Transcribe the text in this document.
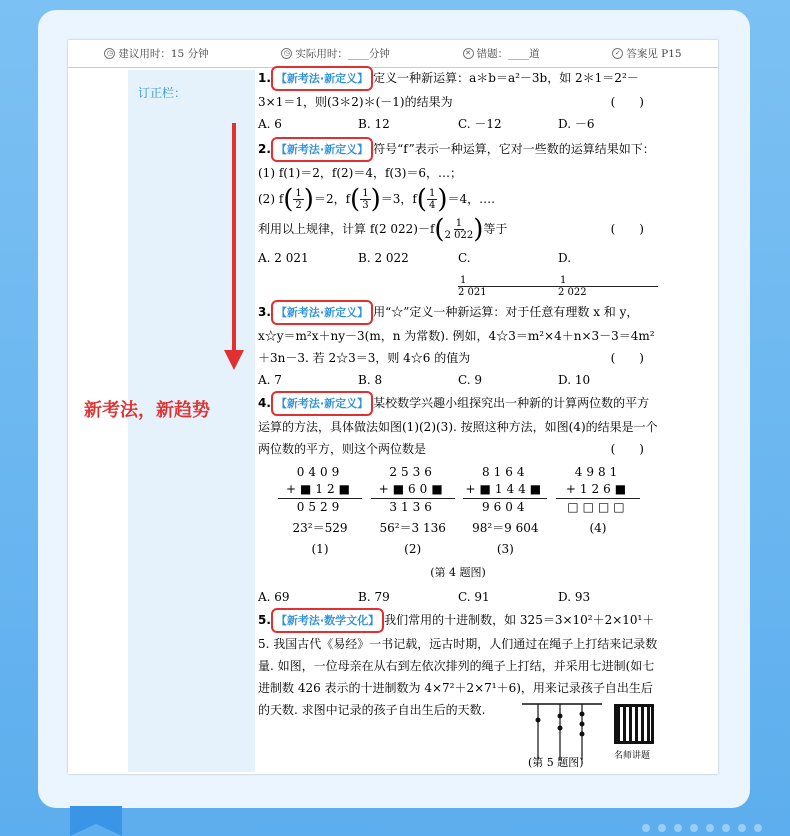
◷ 建议用时：15 分钟	◷ 实际用时：____分钟	✕ 错题：____道	✓ 答案见 P15
订正栏：
新考法，新趋势
1. 【新考法·新定义】 定义一种新运算：a＊b＝a²－3b，如 2＊1＝2²－3×1＝1，则(3＊2)＊(－1)的结果为	(　　)
A. 6	B. 12	C. －12	D. －6
2. 【新考法·新定义】 符号“f”表示一种运算，它对一些数的运算结果如下：
(1) f(1)＝2，f(2)＝4，f(3)＝6，…；
(2) $f( \frac{1}{2} )=2$，$f( \frac{1}{3} )=3$，$f( \frac{1}{4} )=4$，….
利用以上规律，计算 f(2 $022)-f( \frac{1}{2 022}$ )等于	(　　)
A. 2 021	B. 2 022	C.
$\frac{1}{2 021}$
D.
$\frac{1}{2 022}$
3. 【新考法·新定义】 用“☆”定义一种新运算：对于任意有理数 x 和 y，x☆y＝m²x＋ny－3(m，n 为常数). 例如，4☆3＝m²×4＋n×3－3＝4m²＋3n－3. 若 2☆3＝3，则 4☆6 的值为	(　　)
A. 7	B. 8	C. 9	D. 10
4. 【新考法·新定义】 某校数学兴趣小组探究出一种新的计算两位数的平方运算的方法，具体做法如图(1)(2)(3). 按照这种方法，如图(4)的结果是一个两位数的平方，则这个两位数是	(　　)
0409
+■12■
0529
23²＝529
(1)
2536
+■60■
3136
56²＝3 136
(2)
8164
+■144■
9604
98²＝9 604
(3)
4981
+126■
□□□□
(4)
(第 4 题图)
A. 69	B. 79	C. 91	D. 93
5. 【新考法·数学文化】 我们常用的十进制数，如 325＝3×10²＋2×10¹＋5. 我国古代《易经》一书记载，远古时期，人们通过在绳子上打结来记录数量. 如图，一位母亲在从右到左依次排列的绳子上打结，并采用七进制(如七进制数 426 表示的十进制数为 4×7²＋2×7¹＋6)，用来记录孩子自出生后的天数. 求图中记录的孩子自出生后的天数.
(第 5 题图)	名师讲题
